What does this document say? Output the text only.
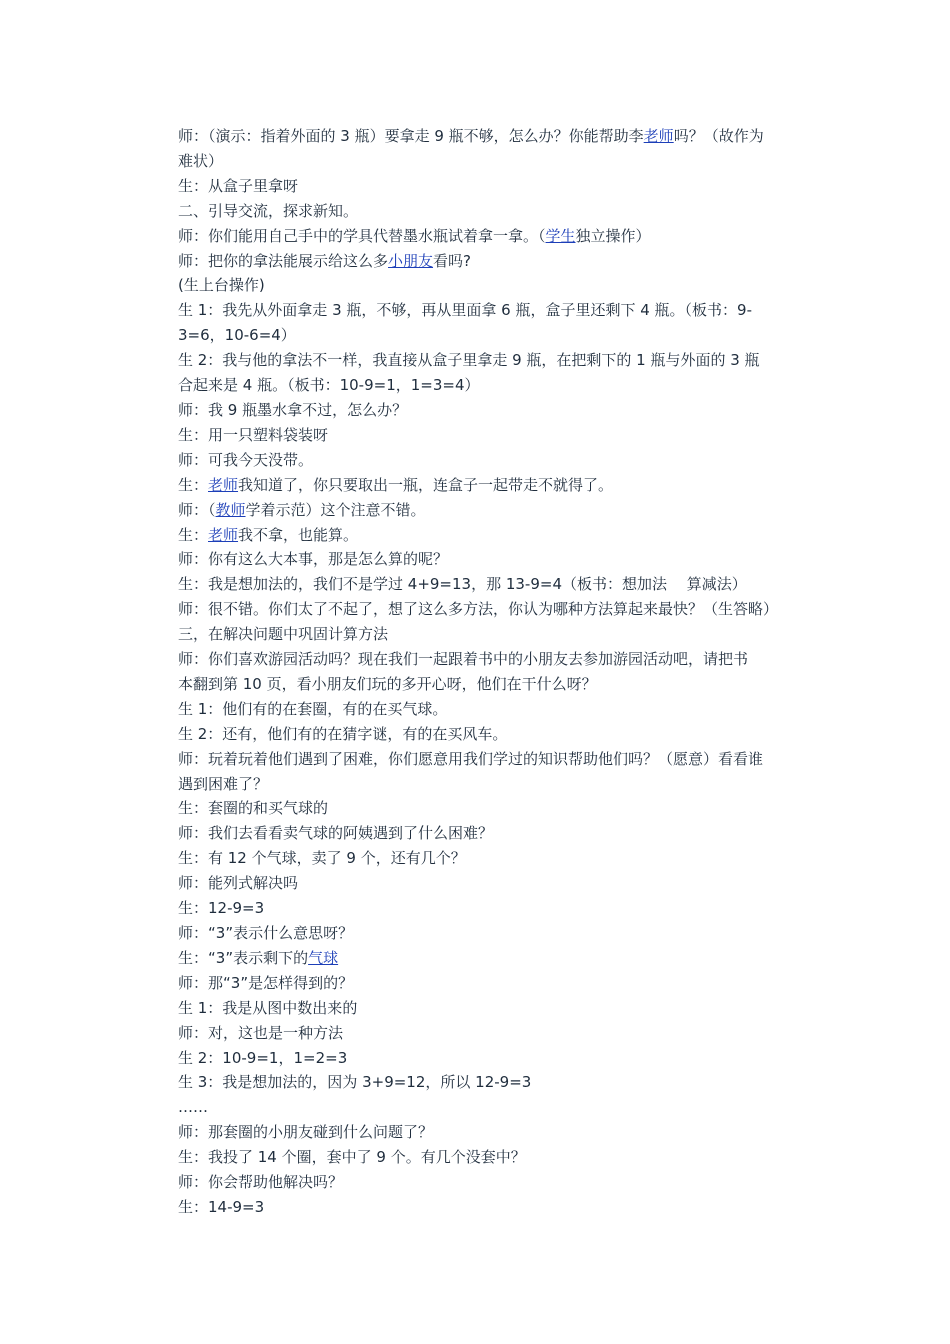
师：（演示：指着外面的 3 瓶）要拿走 9 瓶不够，怎么办？你能帮助李老师吗？（故作为
难状）
生：从盒子里拿呀
二、引导交流，探求新知。
师：你们能用自己手中的学具代替墨水瓶试着拿一拿。（学生独立操作）
师：把你的拿法能展示给这么多小朋友看吗?
(生上台操作)
生 1：我先从外面拿走 3 瓶，不够，再从里面拿 6 瓶，盒子里还剩下 4 瓶。（板书：9-
3=6，10-6=4）
生 2：我与他的拿法不一样，我直接从盒子里拿走 9 瓶，在把剩下的 1 瓶与外面的 3 瓶
合起来是 4 瓶。（板书：10-9=1，1=3=4）
师：我 9 瓶墨水拿不过，怎么办？
生：用一只塑料袋装呀
师：可我今天没带。
生：老师我知道了，你只要取出一瓶，连盒子一起带走不就得了。
师：（教师学着示范）这个注意不错。
生：老师我不拿，也能算。
师：你有这么大本事，那是怎么算的呢？
生：我是想加法的，我们不是学过 4+9=13，那 13-9=4（板书：想加法　 算减法）
师：很不错。你们太了不起了，想了这么多方法，你认为哪种方法算起来最快？（生答略）
三，在解决问题中巩固计算方法
师：你们喜欢游园活动吗？现在我们一起跟着书中的小朋友去参加游园活动吧，请把书
本翻到第 10 页，看小朋友们玩的多开心呀，他们在干什么呀？
生 1：他们有的在套圈，有的在买气球。
生 2：还有，他们有的在猜字谜，有的在买风车。
师：玩着玩着他们遇到了困难，你们愿意用我们学过的知识帮助他们吗？（愿意）看看谁
遇到困难了？
生：套圈的和买气球的
师：我们去看看卖气球的阿姨遇到了什么困难？
生：有 12 个气球，卖了 9 个，还有几个？
师：能列式解决吗
生：12-9=3
师：“3”表示什么意思呀？
生：“3”表示剩下的气球
师：那“3”是怎样得到的？
生 1：我是从图中数出来的
师：对，这也是一种方法
生 2：10-9=1，1=2=3
生 3：我是想加法的，因为 3+9=12，所以 12-9=3
……
师：那套圈的小朋友碰到什么问题了？
生：我投了 14 个圈，套中了 9 个。有几个没套中？
师：你会帮助他解决吗？
生：14-9=3
